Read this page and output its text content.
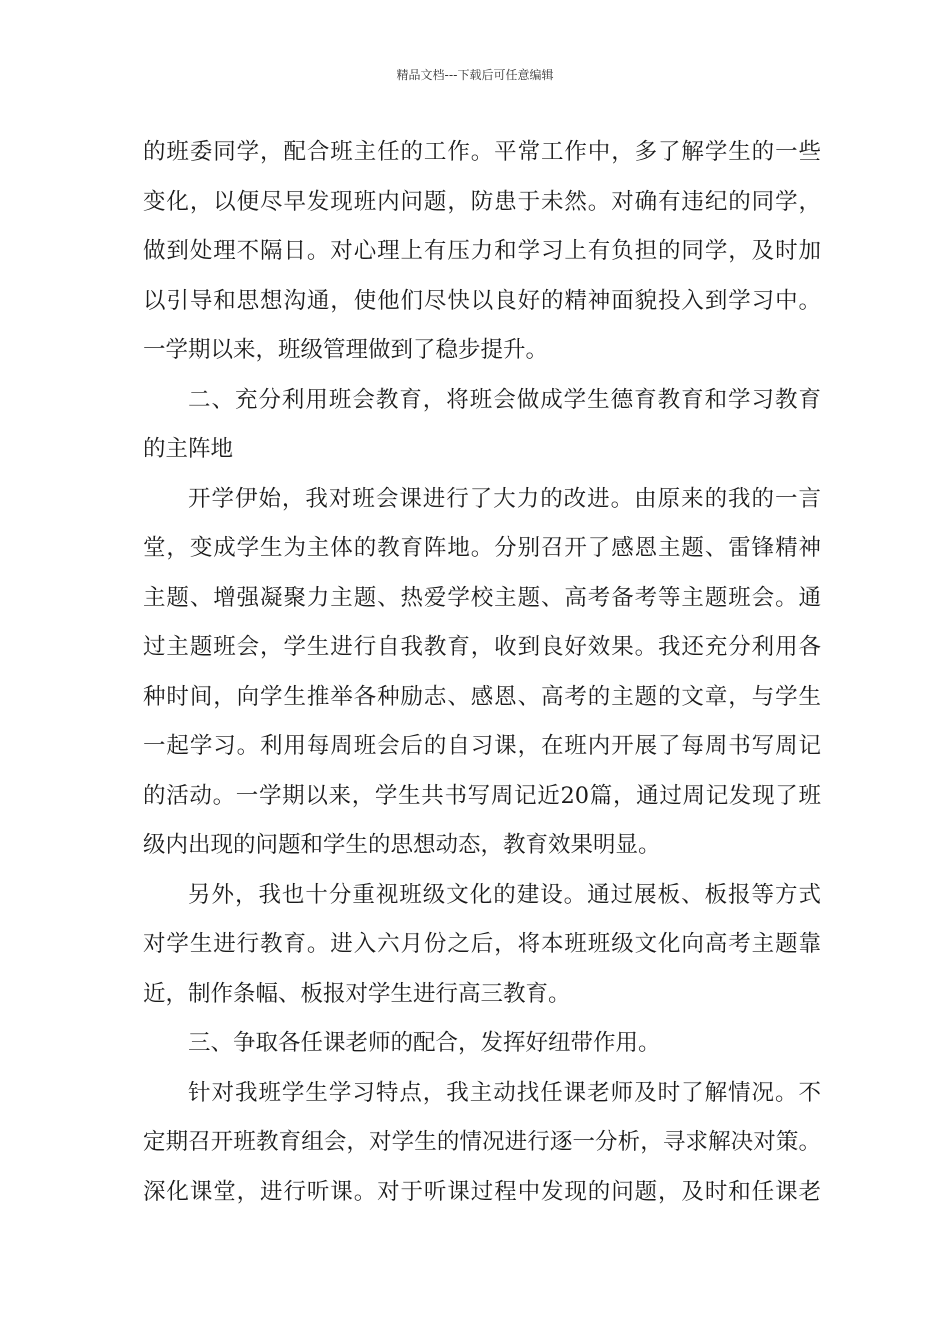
精品文档---下载后可任意编辑
的班委同学，配合班主任的工作。平常工作中，多了解学生的一些
变化，以便尽早发现班内问题，防患于未然。对确有违纪的同学，
做到处理不隔日。对心理上有压力和学习上有负担的同学，及时加
以引导和思想沟通，使他们尽快以良好的精神面貌投入到学习中。
一学期以来，班级管理做到了稳步提升。
二、充分利用班会教育，将班会做成学生德育教育和学习教育
的主阵地
开学伊始，我对班会课进行了大力的改进。由原来的我的一言
堂，变成学生为主体的教育阵地。分别召开了感恩主题、雷锋精神
主题、增强凝聚力主题、热爱学校主题、高考备考等主题班会。通
过主题班会，学生进行自我教育，收到良好效果。我还充分利用各
种时间，向学生推举各种励志、感恩、高考的主题的文章，与学生
一起学习。利用每周班会后的自习课，在班内开展了每周书写周记
的活动。一学期以来，学生共书写周记近20篇，通过周记发现了班
级内出现的问题和学生的思想动态，教育效果明显。
另外，我也十分重视班级文化的建设。通过展板、板报等方式
对学生进行教育。进入六月份之后，将本班班级文化向高考主题靠
近，制作条幅、板报对学生进行高三教育。
三、争取各任课老师的配合，发挥好纽带作用。
针对我班学生学习特点，我主动找任课老师及时了解情况。不
定期召开班教育组会，对学生的情况进行逐一分析，寻求解决对策。
深化课堂，进行听课。对于听课过程中发现的问题，及时和任课老
